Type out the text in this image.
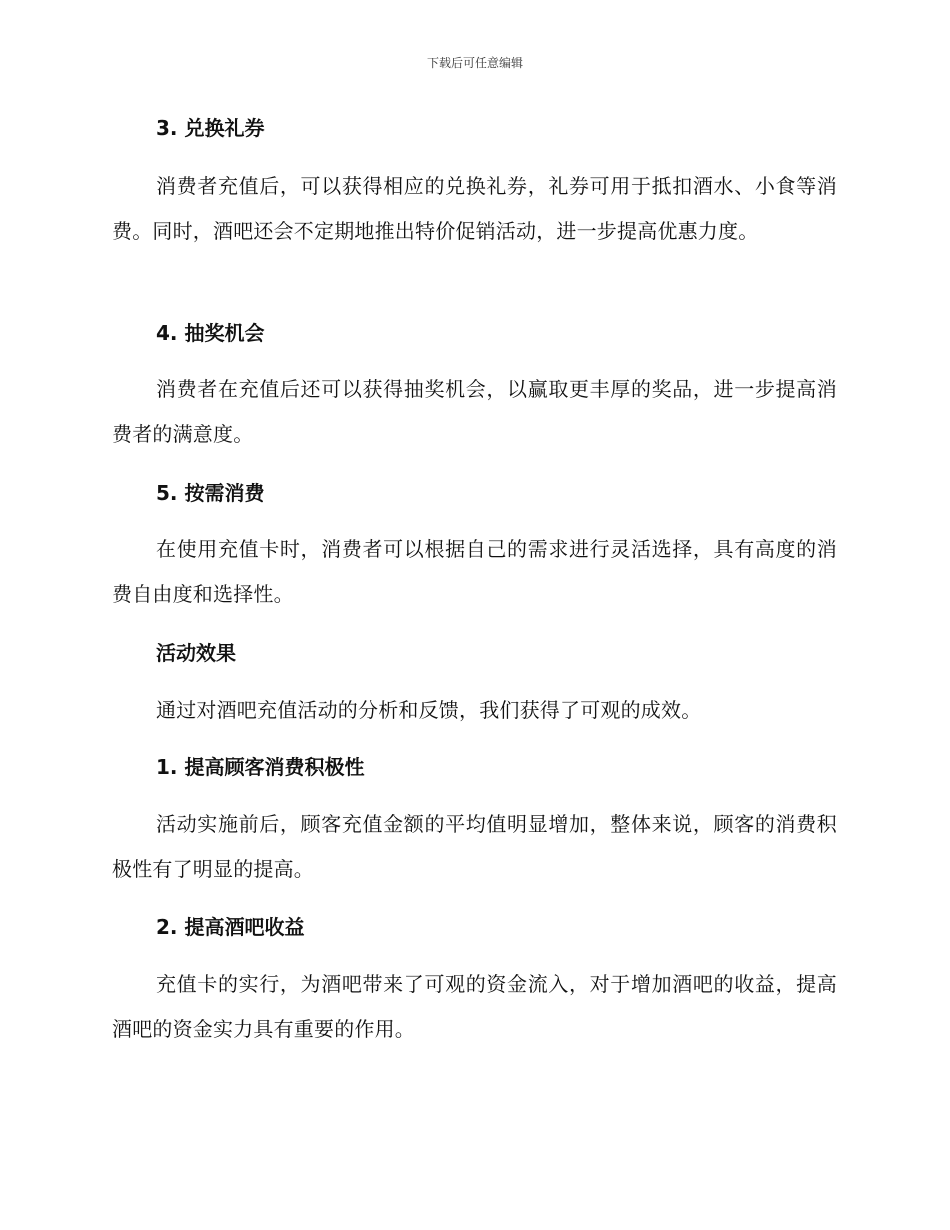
下载后可任意编辑
3. 兑换礼券
消费者充值后，可以获得相应的兑换礼券，礼券可用于抵扣酒水、小食等消费。同时，酒吧还会不定期地推出特价促销活动，进一步提高优惠力度。
4. 抽奖机会
消费者在充值后还可以获得抽奖机会，以赢取更丰厚的奖品，进一步提高消费者的满意度。
5. 按需消费
在使用充值卡时，消费者可以根据自己的需求进行灵活选择，具有高度的消费自由度和选择性。
活动效果
通过对酒吧充值活动的分析和反馈，我们获得了可观的成效。
1. 提高顾客消费积极性
活动实施前后，顾客充值金额的平均值明显增加，整体来说，顾客的消费积极性有了明显的提高。
2. 提高酒吧收益
充值卡的实行，为酒吧带来了可观的资金流入，对于增加酒吧的收益，提高酒吧的资金实力具有重要的作用。
